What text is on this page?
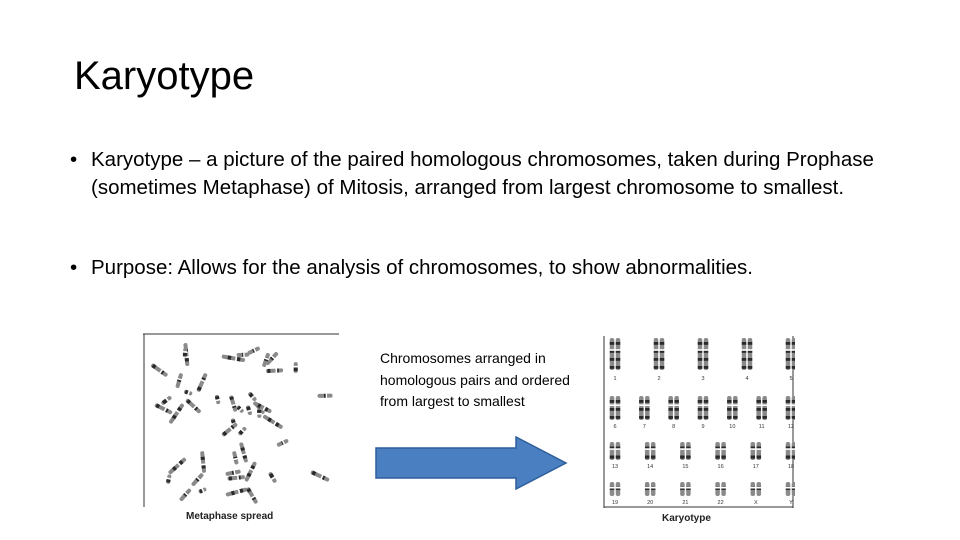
Karyotype
• Karyotype – a picture of the paired homologous chromosomes, taken during Prophase (sometimes Metaphase) of Mitosis, arranged from largest chromosome to smallest.
• Purpose: Allows for the analysis of chromosomes, to show abnormalities.
Metaphase spread
Chromosomes arranged in homologous pairs and ordered from largest to smallest
1	2	3	4	5
6	7	8	9	10	11	12
13	14	15	16	17	18
19	20	21	22	X	Y
Karyotype
